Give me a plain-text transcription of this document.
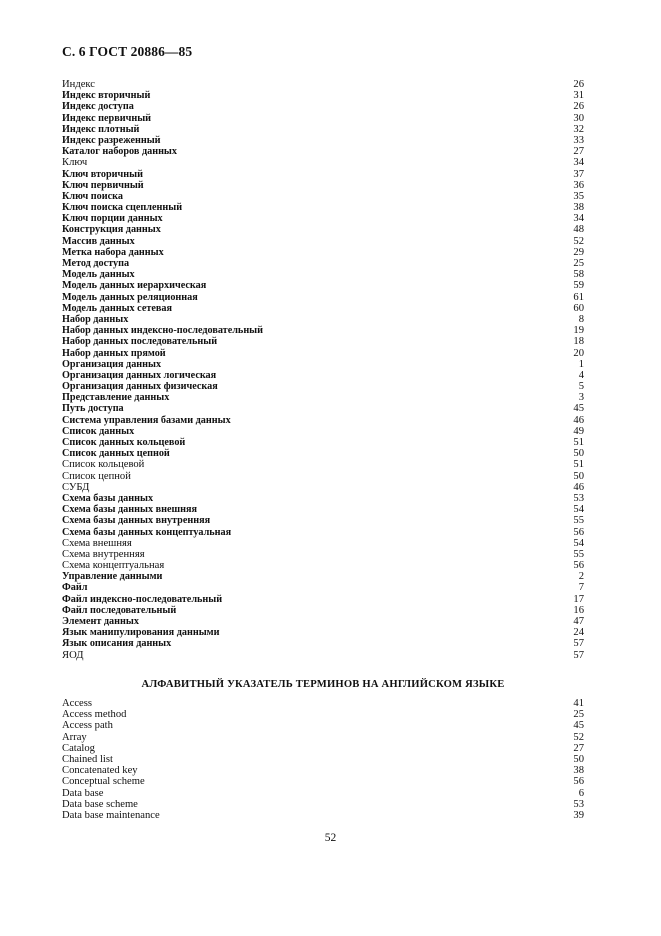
С. 6 ГОСТ 20886—85
Индекс	26
Индекс вторичный	31
Индекс доступа	26
Индекс первичный	30
Индекс плотный	32
Индекс разреженный	33
Каталог наборов данных	27
Ключ	34
Ключ вторичный	37
Ключ первичный	36
Ключ поиска	35
Ключ поиска сцепленный	38
Ключ порции данных	34
Конструкция данных	48
Массив данных	52
Метка набора данных	29
Метод доступа	25
Модель данных	58
Модель данных иерархическая	59
Модель данных реляционная	61
Модель данных сетевая	60
Набор данных	8
Набор данных индексно-последовательный	19
Набор данных последовательный	18
Набор данных прямой	20
Организация данных	1
Организация данных логическая	4
Организация данных физическая	5
Представление данных	3
Путь доступа	45
Система управления базами данных	46
Список данных	49
Список данных кольцевой	51
Список данных цепной	50
Список кольцевой	51
Список цепной	50
СУБД	46
Схема базы данных	53
Схема базы данных внешняя	54
Схема базы данных внутренняя	55
Схема базы данных концептуальная	56
Схема внешняя	54
Схема внутренняя	55
Схема концептуальная	56
Управление данными	2
Файл	7
Файл индексно-последовательный	17
Файл последовательный	16
Элемент данных	47
Язык манипулирования данными	24
Язык описания данных	57
ЯОД	57
АЛФАВИТНЫЙ УКАЗАТЕЛЬ ТЕРМИНОВ НА АНГЛИЙСКОМ ЯЗЫКЕ
Access	41
Access method	25
Access path	45
Array	52
Catalog	27
Chained list	50
Concatenated key	38
Conceptual scheme	56
Data base	6
Data base scheme	53
Data base maintenance	39
52
